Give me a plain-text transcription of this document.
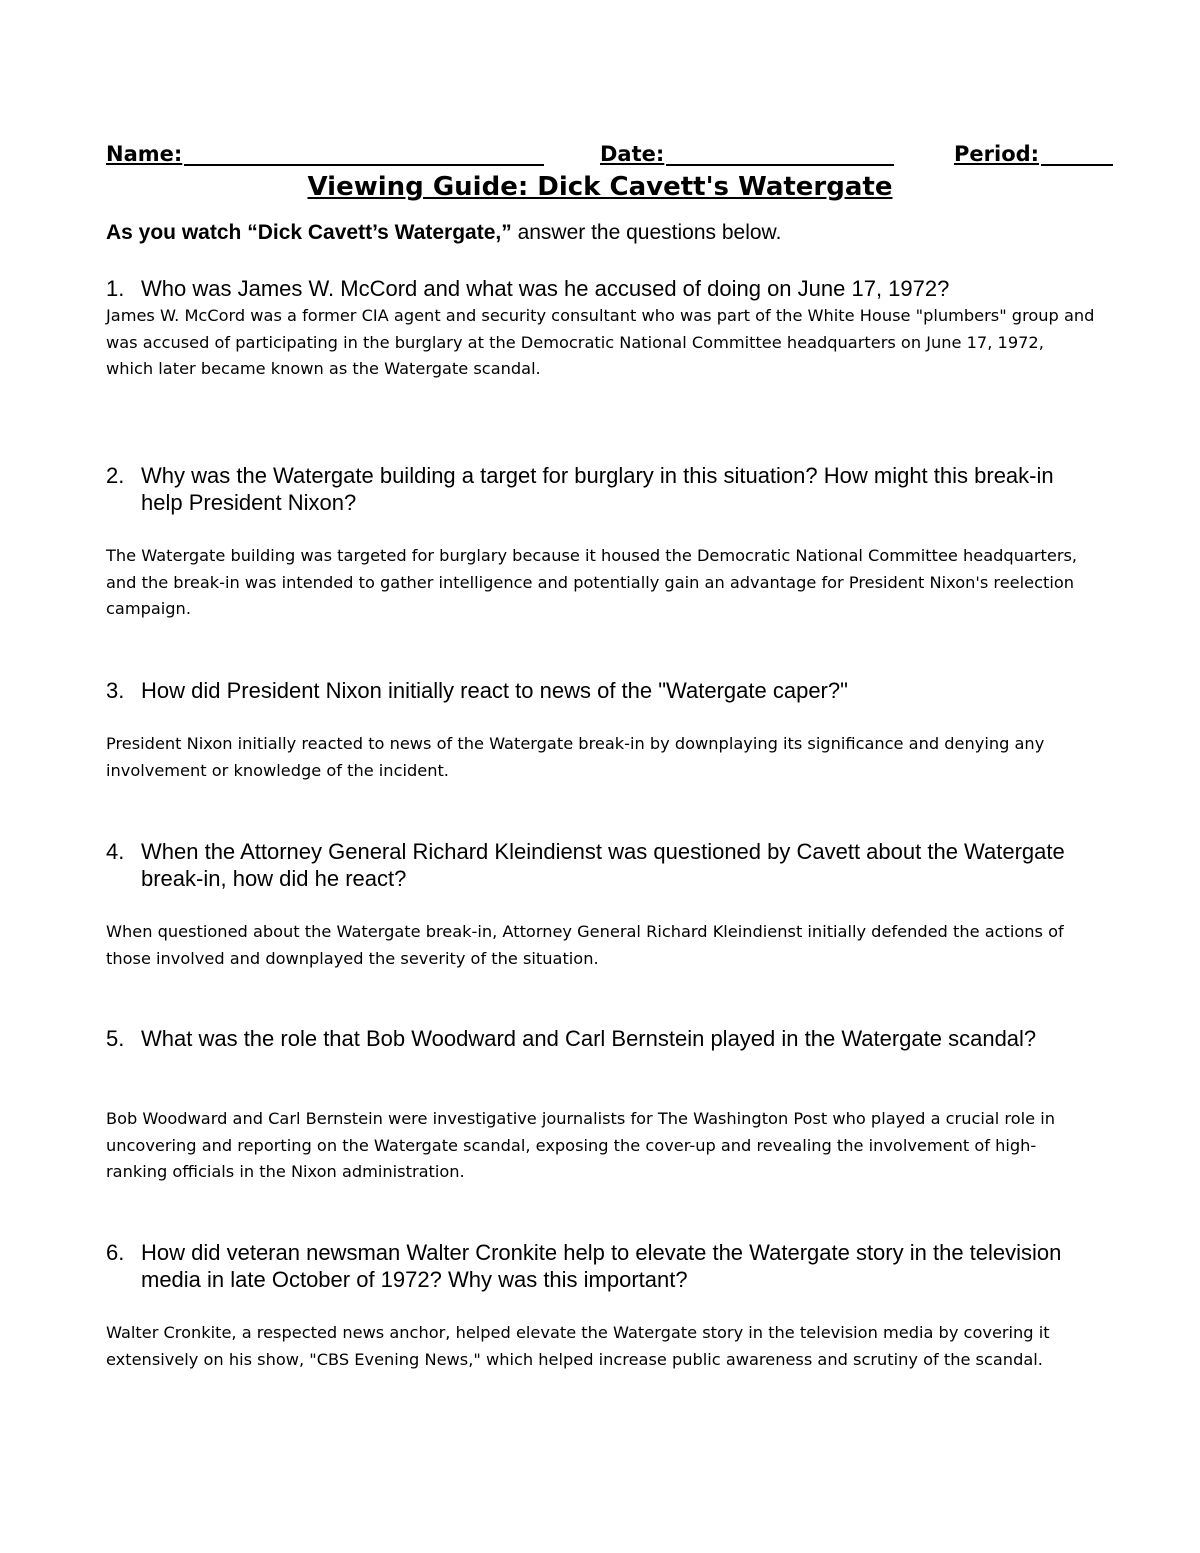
Name:	Date:	Period:
Viewing Guide: Dick Cavett's Watergate
As you watch “Dick Cavett’s Watergate,” answer the questions below.
1. Who was James W. McCord and what was he accused of doing on June 17, 1972?
James W. McCord was a former CIA agent and security consultant who was part of the White House "plumbers" group and was accused of participating in the burglary at the Democratic National Committee headquarters on June 17, 1972, which later became known as the Watergate scandal.
2. Why was the Watergate building a target for burglary in this situation? How might this break-in help President Nixon?
The Watergate building was targeted for burglary because it housed the Democratic National Committee headquarters, and the break-in was intended to gather intelligence and potentially gain an advantage for President Nixon's reelection campaign.
3. How did President Nixon initially react to news of the "Watergate caper?"
President Nixon initially reacted to news of the Watergate break-in by downplaying its significance and denying any involvement or knowledge of the incident.
4. When the Attorney General Richard Kleindienst was questioned by Cavett about the Watergate break-in, how did he react?
When questioned about the Watergate break-in, Attorney General Richard Kleindienst initially defended the actions of those involved and downplayed the severity of the situation.
5. What was the role that Bob Woodward and Carl Bernstein played in the Watergate scandal?
Bob Woodward and Carl Bernstein were investigative journalists for The Washington Post who played a crucial role in uncovering and reporting on the Watergate scandal, exposing the cover-up and revealing the involvement of high-ranking officials in the Nixon administration.
6. How did veteran newsman Walter Cronkite help to elevate the Watergate story in the television media in late October of 1972? Why was this important?
Walter Cronkite, a respected news anchor, helped elevate the Watergate story in the television media by covering it extensively on his show, "CBS Evening News," which helped increase public awareness and scrutiny of the scandal.
